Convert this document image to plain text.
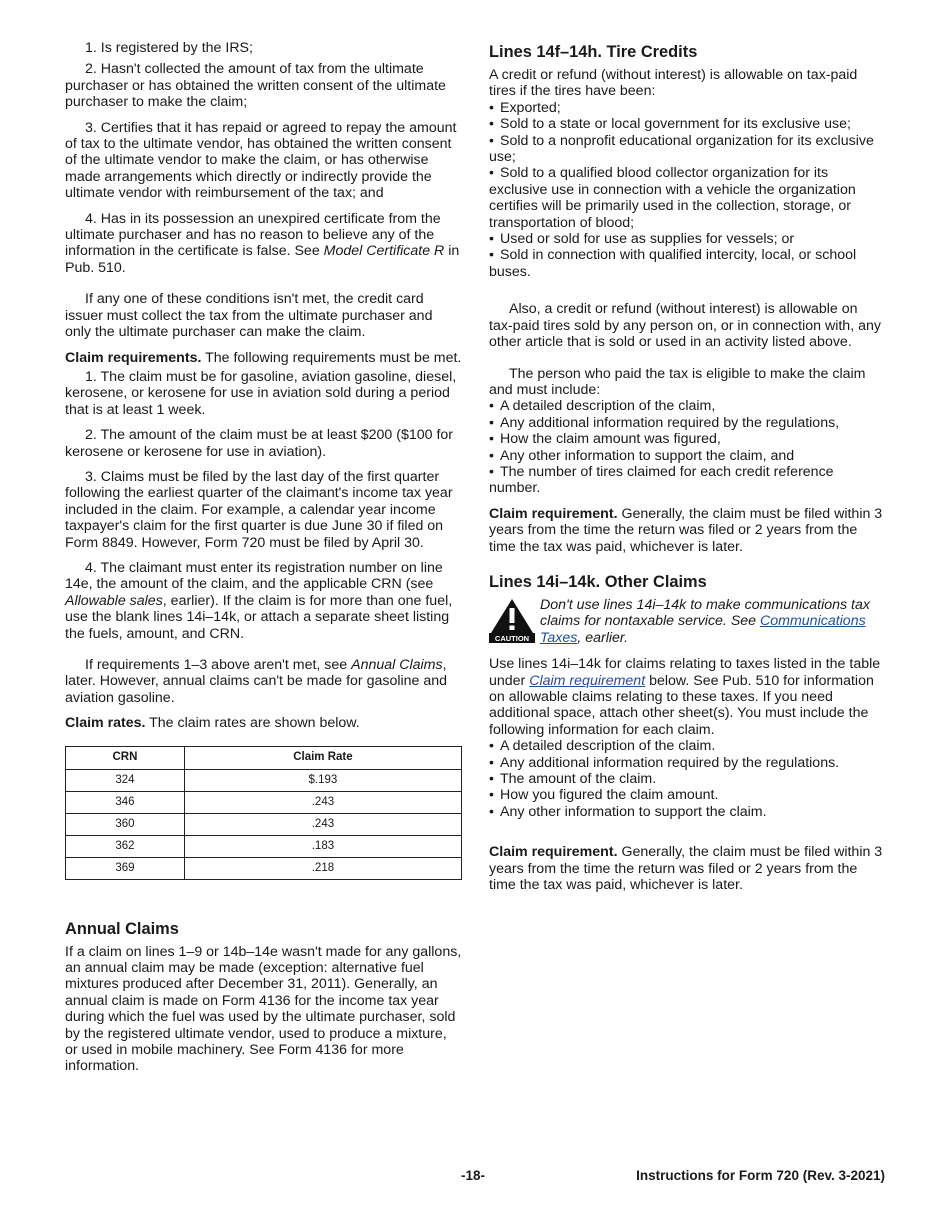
1. Is registered by the IRS;

2. Hasn't collected the amount of tax from the ultimate purchaser or has obtained the written consent of the ultimate purchaser to make the claim;

3. Certifies that it has repaid or agreed to repay the amount of tax to the ultimate vendor, has obtained the written consent of the ultimate vendor to make the claim, or has otherwise made arrangements which directly or indirectly provide the ultimate vendor with reimbursement of the tax; and

4. Has in its possession an unexpired certificate from the ultimate purchaser and has no reason to believe any of the information in the certificate is false. See Model Certificate R in Pub. 510.

If any one of these conditions isn't met, the credit card issuer must collect the tax from the ultimate purchaser and only the ultimate purchaser can make the claim.

Claim requirements. The following requirements must be met.

1. The claim must be for gasoline, aviation gasoline, diesel, kerosene, or kerosene for use in aviation sold during a period that is at least 1 week.

2. The amount of the claim must be at least $200 ($100 for kerosene or kerosene for use in aviation).

3. Claims must be filed by the last day of the first quarter following the earliest quarter of the claimant's income tax year included in the claim. For example, a calendar year income taxpayer's claim for the first quarter is due June 30 if filed on Form 8849. However, Form 720 must be filed by April 30.

4. The claimant must enter its registration number on line 14e, the amount of the claim, and the applicable CRN (see Allowable sales, earlier). If the claim is for more than one fuel, use the blank lines 14i–14k, or attach a separate sheet listing the fuels, amount, and CRN.

If requirements 1–3 above aren't met, see Annual Claims, later. However, annual claims can't be made for gasoline and aviation gasoline.

Claim rates. The claim rates are shown below.

CRN	Claim Rate
324	$.193
346	.243
360	.243
362	.183
369	.218
Annual Claims

If a claim on lines 1–9 or 14b–14e wasn't made for any gallons, an annual claim may be made (exception: alternative fuel mixtures produced after December 31, 2011). Generally, an annual claim is made on Form 4136 for the income tax year during which the fuel was used by the ultimate purchaser, sold by the registered ultimate vendor, used to produce a mixture, or used in mobile machinery. See Form 4136 for more information.

Lines 14f–14h. Tire Credits

A credit or refund (without interest) is allowable on tax-paid tires if the tires have been:

• Exported;
• Sold to a state or local government for its exclusive use;
• Sold to a nonprofit educational organization for its exclusive use;
• Sold to a qualified blood collector organization for its exclusive use in connection with a vehicle the organization certifies will be primarily used in the collection, storage, or transportation of blood;
• Used or sold for use as supplies for vessels; or
• Sold in connection with qualified intercity, local, or school buses.

Also, a credit or refund (without interest) is allowable on tax-paid tires sold by any person on, or in connection with, any other article that is sold or used in an activity listed above.

The person who paid the tax is eligible to make the claim and must include:

• A detailed description of the claim,
• Any additional information required by the regulations,
• How the claim amount was figured,
• Any other information to support the claim, and
• The number of tires claimed for each credit reference number.

Claim requirement. Generally, the claim must be filed within 3 years from the time the return was filed or 2 years from the time the tax was paid, whichever is later.

Lines 14i–14k. Other Claims
CAUTION
Don't use lines 14i–14k to make communications tax claims for nontaxable service. See Communications Taxes, earlier.

Use lines 14i–14k for claims relating to taxes listed in the table under Claim requirement below. See Pub. 510 for information on allowable claims relating to these taxes. If you need additional space, attach other sheet(s). You must include the following information for each claim.

• A detailed description of the claim.
• Any additional information required by the regulations.
• The amount of the claim.
• How you figured the claim amount.
• Any other information to support the claim.

Claim requirement. Generally, the claim must be filed within 3 years from the time the return was filed or 2 years from the time the tax was paid, whichever is later.

-18-	Instructions for Form 720 (Rev. 3-2021)
